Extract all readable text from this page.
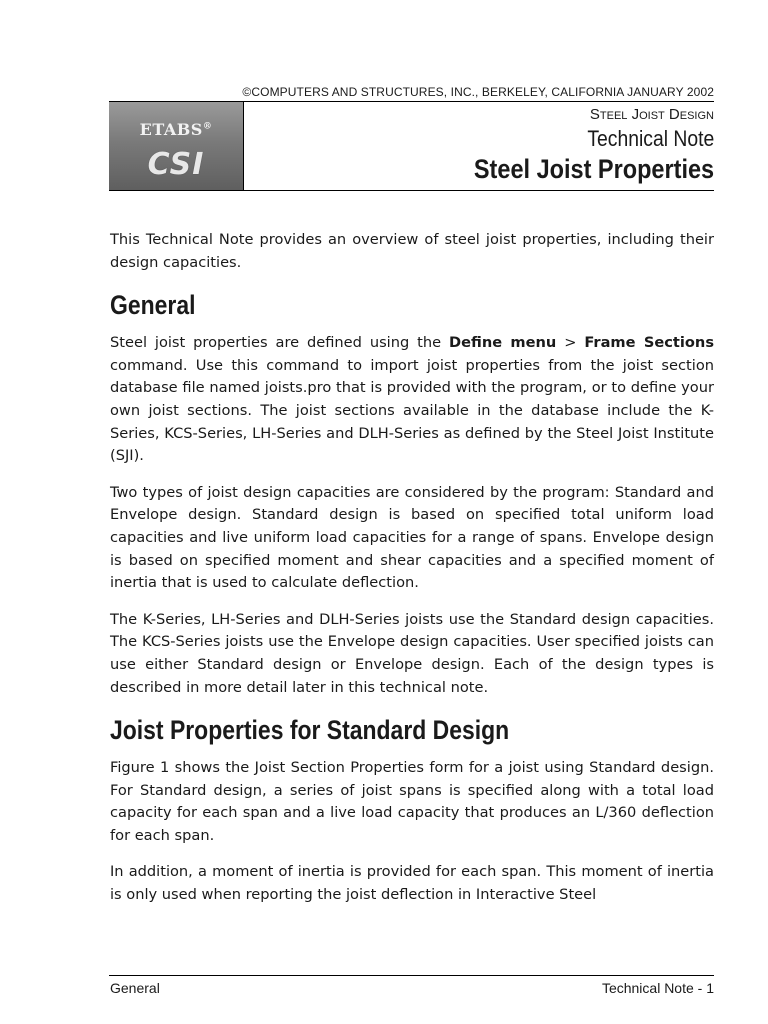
©COMPUTERS AND STRUCTURES, INC., BERKELEY, CALIFORNIA JANUARY 2002
ETABS®
CSI
Steel Joist Design
Technical Note
Steel Joist Properties

This Technical Note provides an overview of steel joist properties, including their design capacities.

General

Steel joist properties are defined using the Define menu > Frame Sections command. Use this command to import joist properties from the joist section database file named joists.pro that is provided with the program, or to define your own joist sections. The joist sections available in the database include the K-Series, KCS-Series, LH-Series and DLH-Series as defined by the Steel Joist Institute (SJI).

Two types of joist design capacities are considered by the program: Standard and Envelope design. Standard design is based on specified total uniform load capacities and live uniform load capacities for a range of spans. Envelope design is based on specified moment and shear capacities and a specified moment of inertia that is used to calculate deflection.

The K-Series, LH-Series and DLH-Series joists use the Standard design capacities. The KCS-Series joists use the Envelope design capacities. User specified joists can use either Standard design or Envelope design. Each of the design types is described in more detail later in this technical note.

Joist Properties for Standard Design

Figure 1 shows the Joist Section Properties form for a joist using Standard design. For Standard design, a series of joist spans is specified along with a total load capacity for each span and a live load capacity that produces an L/360 deflection for each span.

In addition, a moment of inertia is provided for each span. This moment of inertia is only used when reporting the joist deflection in Interactive Steel

General	Technical Note - 1
